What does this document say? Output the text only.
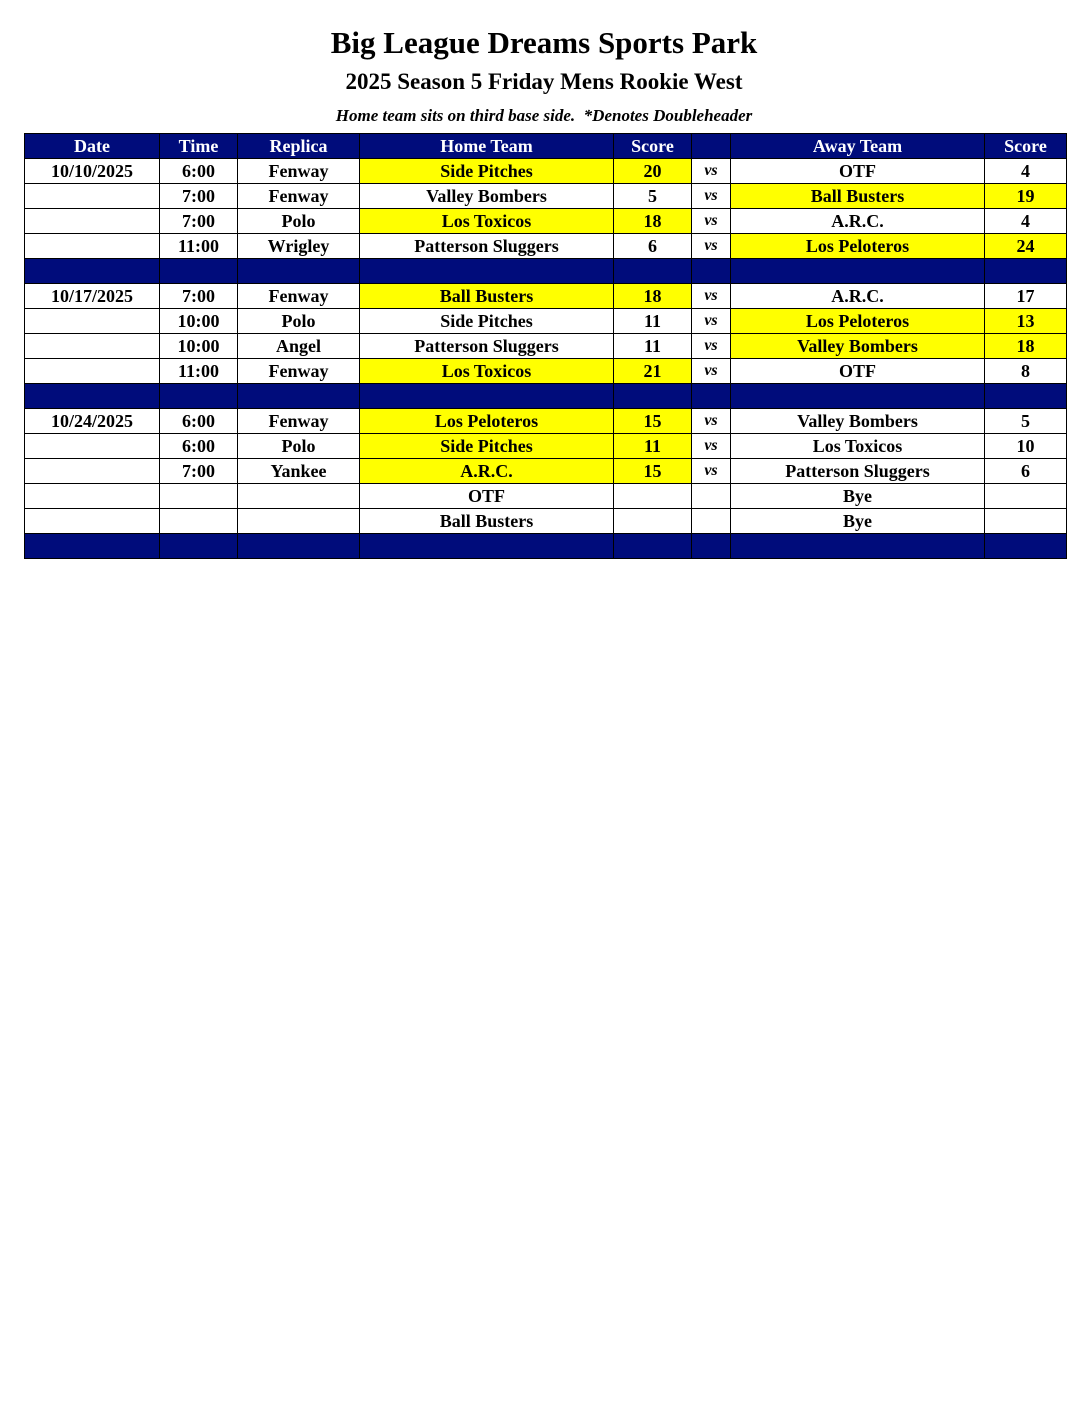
Big League Dreams Sports Park
2025 Season 5 Friday Mens Rookie West
Home team sits on third base side.  *Denotes Doubleheader
Date	Time	Replica	Home Team	Score		Away Team	Score
10/10/2025	6:00	Fenway	Side Pitches	20	vs	OTF	4
	7:00	Fenway	Valley Bombers	5	vs	Ball Busters	19
	7:00	Polo	Los Toxicos	18	vs	A.R.C.	4
	11:00	Wrigley	Patterson Sluggers	6	vs	Los Peloteros	24

10/17/2025	7:00	Fenway	Ball Busters	18	vs	A.R.C.	17
	10:00	Polo	Side Pitches	11	vs	Los Peloteros	13
	10:00	Angel	Patterson Sluggers	11	vs	Valley Bombers	18
	11:00	Fenway	Los Toxicos	21	vs	OTF	8

10/24/2025	6:00	Fenway	Los Peloteros	15	vs	Valley Bombers	5
	6:00	Polo	Side Pitches	11	vs	Los Toxicos	10
	7:00	Yankee	A.R.C.	15	vs	Patterson Sluggers	6
			OTF			Bye	
			Ball Busters			Bye	
